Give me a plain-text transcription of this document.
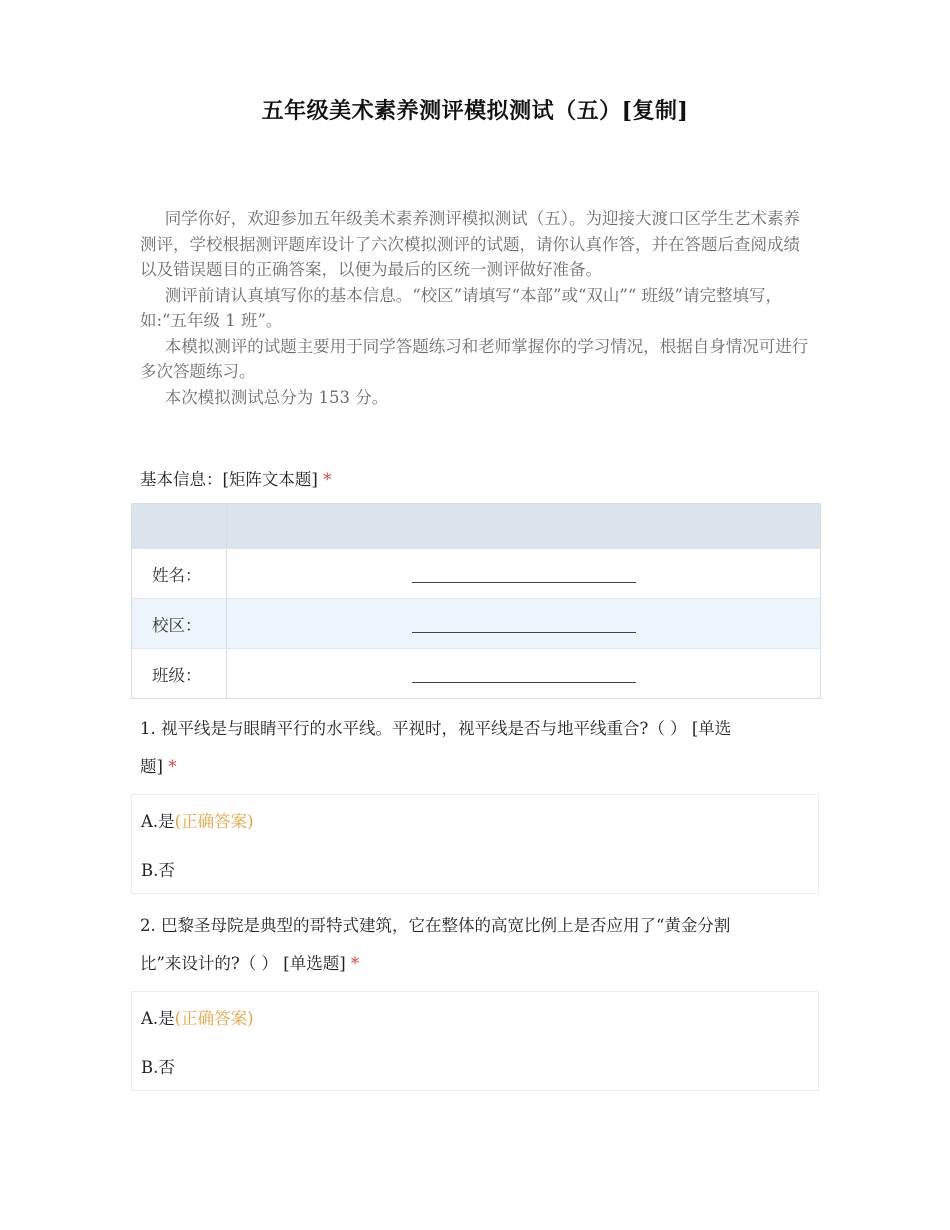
五年级美术素养测评模拟测试（五）[复制]

　 同学你好，欢迎参加五年级美术素养测评模拟测试（五）。为迎接大渡口区学生艺术素养测评，学校根据测评题库设计了六次模拟测评的试题，请你认真作答，并在答题后查阅成绩以及错误题目的正确答案，以便为最后的区统一测评做好准备。

　 测评前请认真填写你的基本信息。“校区”请填写“本部”或“双山”“ 班级”请完整填写，如:“五年级 1 班”。

　 本模拟测评的试题主要用于同学答题练习和老师掌握你的学习情况，根据自身情况可进行多次答题练习。

　 本次模拟测试总分为 153 分。

基本信息：[矩阵文本题] *
姓名：
校区：
班级：
1. 视平线是与眼睛平行的水平线。平视时，视平线是否与地平线重合?（ ） [单选
题] *
A.是 (正确答案)
B.否
2. 巴黎圣母院是典型的哥特式建筑，它在整体的高宽比例上是否应用了“黄金分割
比”来设计的?（ ） [单选题] *
A.是 (正确答案)
B.否
